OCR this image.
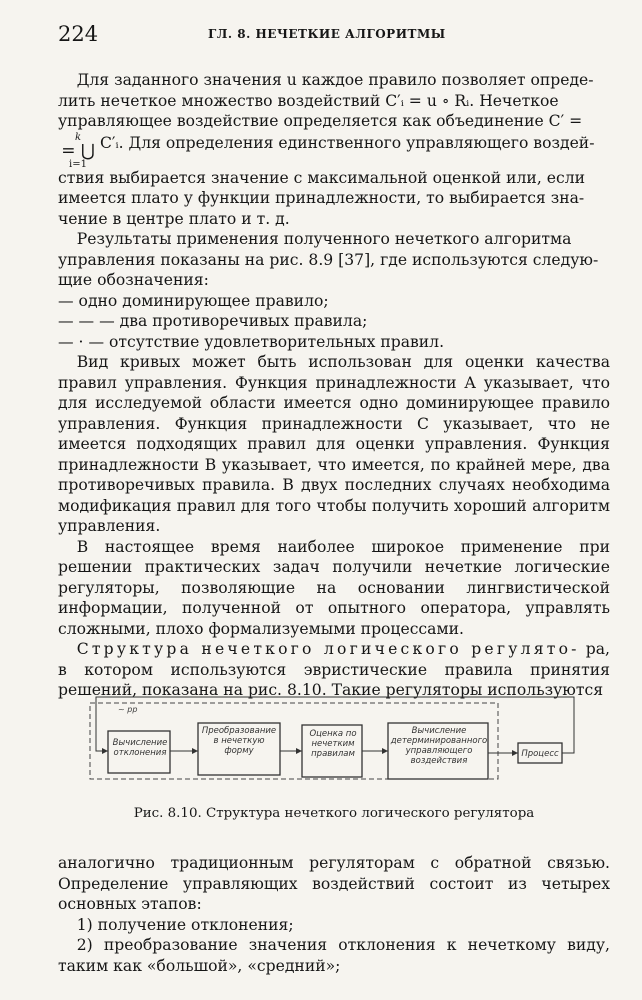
224	ГЛ. 8. НЕЧЕТКИЕ АЛГОРИТМЫ

Для заданного значения u каждое правило позволяет опреде-

лить нечеткое множество воздействий C′ᵢ = u ∘ Rᵢ. Нечеткое

управляющее воздействие определяется как объединение C′ =

k
= ⋃
i=1
C′ᵢ. Для определения единственного управляющего воздей-

ствия выбирается значение с максимальной оценкой или, если

имеется плато у функции принадлежности, то выбирается зна-

чение в центре плато и т. д.

Результаты применения полученного нечеткого алгоритма

управления показаны на рис. 8.9 [37], где используются следую-

щие обозначения:

— одно доминирующее правило;

— — — два противоречивых правила;

— · — отсутствие удовлетворительных правил.

Вид кривых может быть использован для оценки качества правил управления. Функция принадлежности A указывает, что для исследуемой области имеется одно доминирующее правило управления. Функция принадлежности C указывает, что не имеется подходящих правил для оценки управления. Функция принадлежности B указывает, что имеется, по крайней мере, два противоречивых правила. В двух последних случаях необходима модификация правил для того чтобы получить хороший алгоритм управления.

В настоящее время наиболее широкое применение при решении практических задач получили нечеткие логические регуляторы, позволяющие на основании лингвистической информации, полученной от опытного оператора, управлять сложными, плохо формализуемыми процессами.

Структура нечеткого логического регулято- ра, в котором используются эвристические правила принятия решений, показана на рис. 8.10. Такие регуляторы используются

~ рр
Вычисление отклонения
Преобразование в нечеткую форму
Оценка по нечетким правилам
Вычисление детерминированного управляющего воздействия
Процесс
Рис. 8.10. Структура нечеткого логического регулятора

аналогично традиционным регуляторам с обратной связью. Определение управляющих воздействий состоит из четырех основных этапов:

1) получение отклонения;

2) преобразование значения отклонения к нечеткому виду, таким как «большой», «средний»;
